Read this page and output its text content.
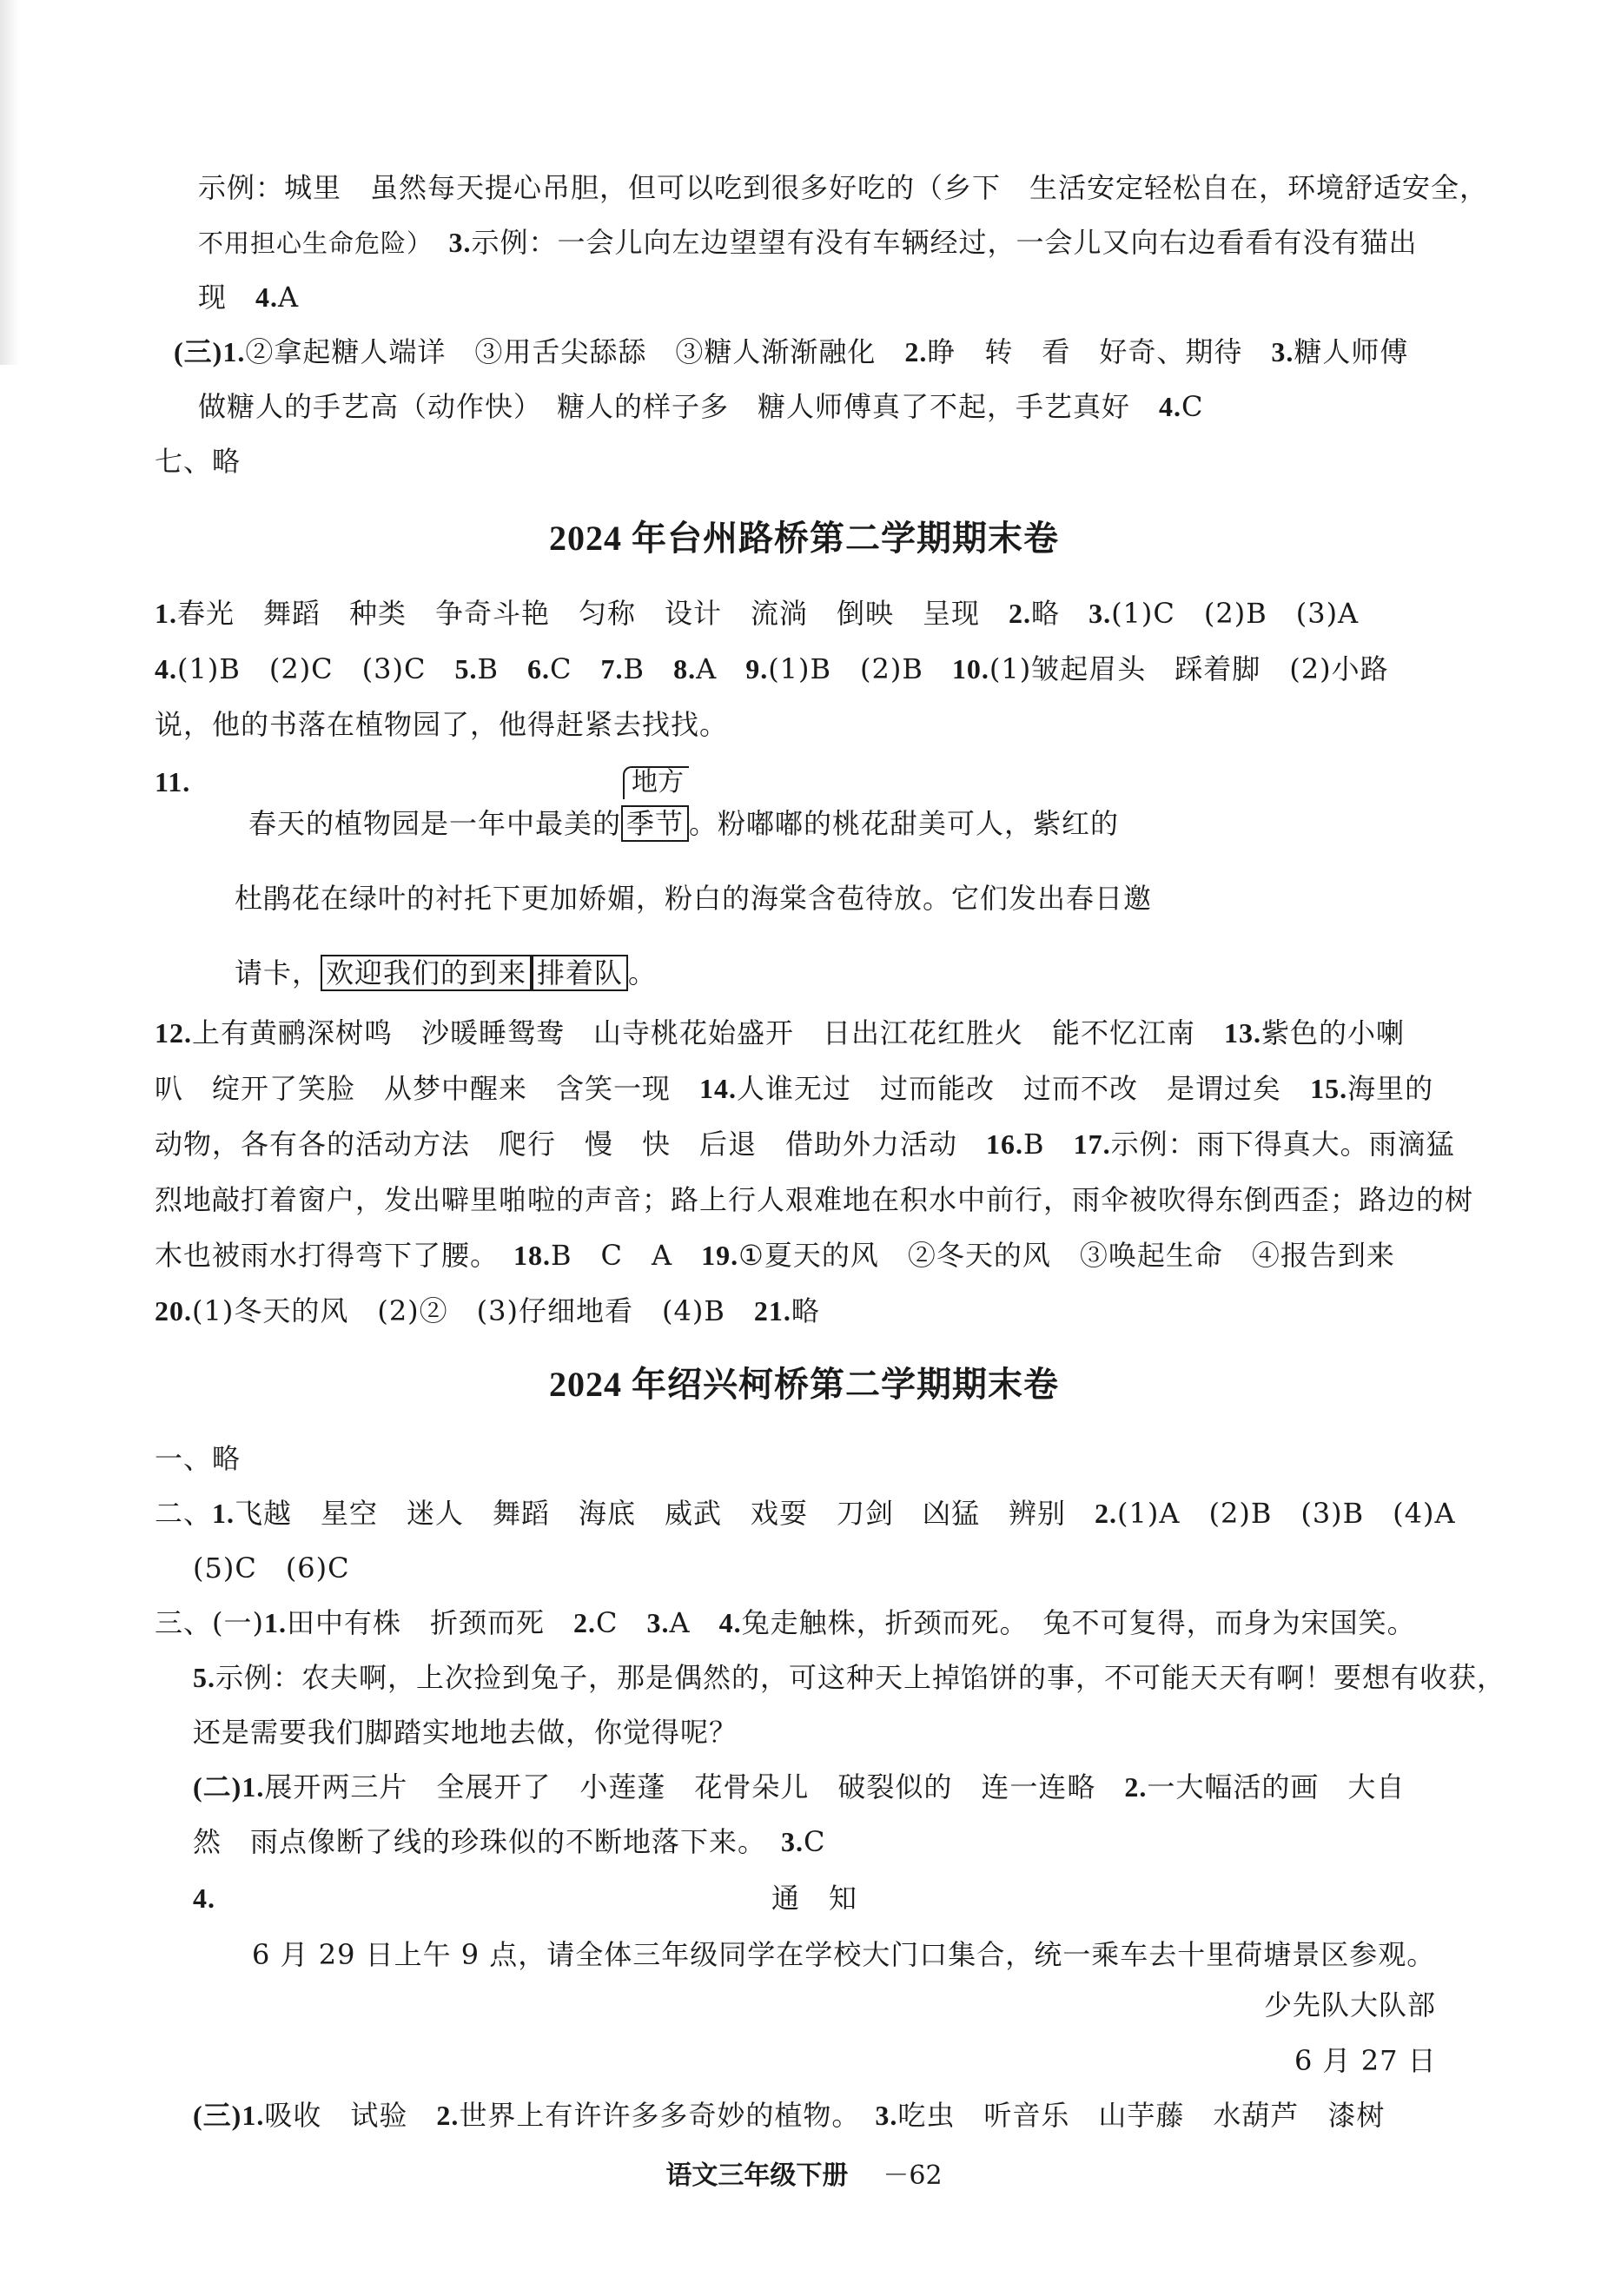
示例：城里　虽然每天提心吊胆，但可以吃到很多好吃的（乡下　生活安定轻松自在，环境舒适安全，
不用担心生命危险）　 3.示例：一会儿向左边望望有没有车辆经过，一会儿又向右边看看有没有猫出
现　 4.A
(三)1.②拿起糖人端详　③用舌尖舔舔　③糖人渐渐融化　 2.睁　转　看　好奇、期待　 3.糖人师傅
做糖人的手艺高（动作快）　糖人的样子多　糖人师傅真了不起，手艺真好　 4.C
七、略
2024 年台州路桥第二学期期末卷
1.春光　舞蹈　种类　争奇斗艳　匀称　设计　流淌　倒映　呈现　 2.略　 3.(1)C　(2)B　(3)A
4.(1)B　(2)C　(3)C　 5.B　 6.C　 7.B　 8.A　 9.(1)B　(2)B　 10.(1)皱起眉头　踩着脚　(2)小路
说，他的书落在植物园了，他得赶紧去找找。
11.	地方
春天的植物园是一年中最美的 季节 。粉嘟嘟的桃花甜美可人，紫红的
杜鹃花在绿叶的衬托下更加娇媚，粉白的海棠含苞待放。它们发出春日邀
请卡， 欢迎我们的到来 排着队 。
12.上有黄鹂深树鸣　沙暖睡鸳鸯　山寺桃花始盛开　日出江花红胜火　能不忆江南　 13.紫色的小喇
叭　绽开了笑脸　从梦中醒来　含笑一现　 14.人谁无过　过而能改　过而不改　是谓过矣　 15.海里的
动物，各有各的活动方法　爬行　慢　快　后退　借助外力活动　 16.B　 17.示例：雨下得真大。雨滴猛
烈地敲打着窗户，发出噼里啪啦的声音；路上行人艰难地在积水中前行，雨伞被吹得东倒西歪；路边的树
木也被雨水打得弯下了腰。　 18.B　C　A　 19.①夏天的风　②冬天的风　③唤起生命　④报告到来
20.(1)冬天的风　(2)②　(3)仔细地看　(4)B　 21.略
2024 年绍兴柯桥第二学期期末卷
一、略
二、1.飞越　星空　迷人　舞蹈　海底　威武　戏耍　刀剑　凶猛　辨别　 2.(1)A　(2)B　(3)B　(4)A
(5)C　(6)C
三、(一)1.田中有株　折颈而死　 2.C　 3.A　 4.兔走触株，折颈而死。　兔不可复得，而身为宋国笑。
5.示例：农夫啊，上次捡到兔子，那是偶然的，可这种天上掉馅饼的事，不可能天天有啊！要想有收获，
还是需要我们脚踏实地地去做，你觉得呢？
(二)1.展开两三片　全展开了　小莲蓬　花骨朵儿　破裂似的　连一连略　 2.一大幅活的画　大自
然　雨点像断了线的珍珠似的不断地落下来。　 3.C
4.	通　知
6 月 29 日上午 9 点，请全体三年级同学在学校大门口集合，统一乘车去十里荷塘景区参观。
少先队大队部
6 月 27 日
(三)1.吸收　试验　 2.世界上有许许多多奇妙的植物。　 3.吃虫　听音乐　山芋藤　水葫芦　漆树
语文三年级下册 －62
